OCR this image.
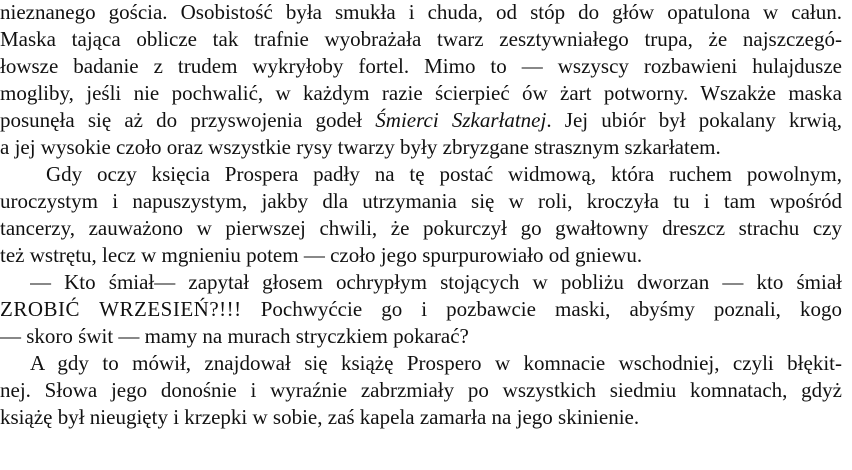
nieznanego gościa. Osobistość była smukła i chuda, od stóp do głów opatulona w całun.
Maska tająca oblicze tak trafnie wyobrażała twarz zesztywniałego trupa, że najszczegó-
łowsze badanie z trudem wykryłoby fortel. Mimo to — wszyscy rozbawieni hulajdusze
mogliby, jeśli nie pochwalić, w każdym razie ścierpieć ów żart potworny. Wszakże maska
posunęła się aż do przyswojenia godeł Śmierci Szkarłatnej. Jej ubiór był pokalany krwią,
a jej wysokie czoło oraz wszystkie rysy twarzy były zbryzgane strasznym szkarłatem.
Gdy oczy księcia Prospera padły na tę postać widmową, która ruchem powolnym,
uroczystym i napuszystym, jakby dla utrzymania się w roli, kroczyła tu i tam wpośród
tancerzy, zauważono w pierwszej chwili, że pokurczył go gwałtowny dreszcz strachu czy
też wstrętu, lecz w mgnieniu potem — czoło jego spurpurowiało od gniewu.
— Kto śmiał— zapytał głosem ochrypłym stojących w pobliżu dworzan — kto śmiał
ZROBIĆ WRZESIEŃ?!!! Pochwyćcie go i pozbawcie maski, abyśmy poznali, kogo
— skoro świt — mamy na murach stryczkiem pokarać?
A gdy to mówił, znajdował się książę Prospero w komnacie wschodniej, czyli błękit-
nej. Słowa jego donośnie i wyraźnie zabrzmiały po wszystkich siedmiu komnatach, gdyż
książę był nieugięty i krzepki w sobie, zaś kapela zamarła na jego skinienie.
